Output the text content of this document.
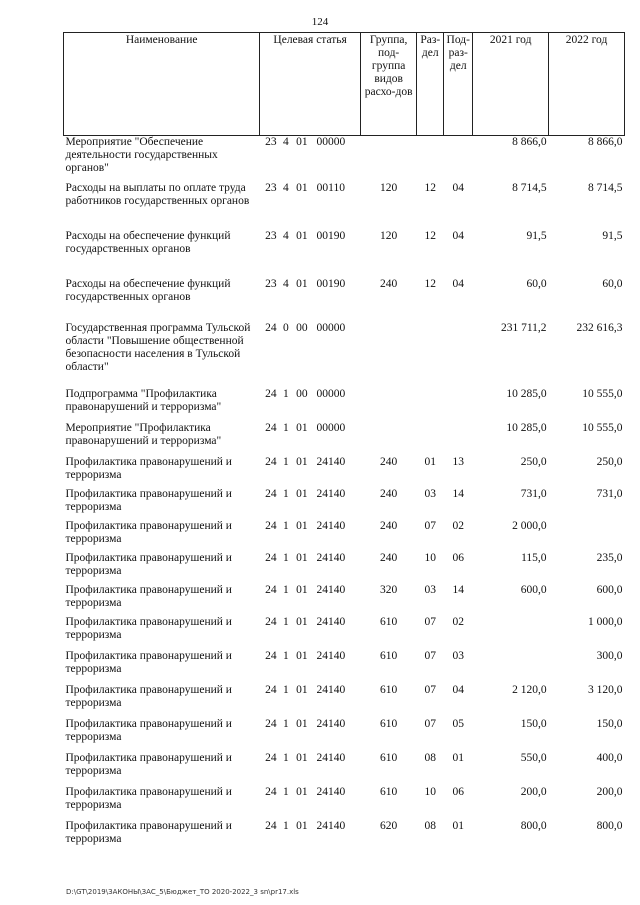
124
Наименование	Целевая статья	Группа, под-группа видов расхо-дов	Раз-дел	Под-раз-дел	2021 год	2022 год
Мероприятие "Обеспечение деятельности государственных органов"	23 4 01 00000				8 866,0	8 866,0
Расходы на выплаты по оплате труда работников государственных органов	23 4 01 00110	120	12	04	8 714,5	8 714,5
Расходы на обеспечение функций государственных органов	23 4 01 00190	120	12	04	91,5	91,5
Расходы на обеспечение функций государственных органов	23 4 01 00190	240	12	04	60,0	60,0
Государственная программа Тульской области "Повышение общественной безопасности населения в Тульской области"	24 0 00 00000				231 711,2	232 616,3
Подпрограмма "Профилактика правонарушений и терроризма"	24 1 00 00000				10 285,0	10 555,0
Мероприятие "Профилактика правонарушений и терроризма"	24 1 01 00000				10 285,0	10 555,0
Профилактика правонарушений и терроризма	24 1 01 24140	240	01	13	250,0	250,0
Профилактика правонарушений и терроризма	24 1 01 24140	240	03	14	731,0	731,0
Профилактика правонарушений и терроризма	24 1 01 24140	240	07	02	2 000,0	
Профилактика правонарушений и терроризма	24 1 01 24140	240	10	06	115,0	235,0
Профилактика правонарушений и терроризма	24 1 01 24140	320	03	14	600,0	600,0
Профилактика правонарушений и терроризма	24 1 01 24140	610	07	02		1 000,0
Профилактика правонарушений и терроризма	24 1 01 24140	610	07	03		300,0
Профилактика правонарушений и терроризма	24 1 01 24140	610	07	04	2 120,0	3 120,0
Профилактика правонарушений и терроризма	24 1 01 24140	610	07	05	150,0	150,0
Профилактика правонарушений и терроризма	24 1 01 24140	610	08	01	550,0	400,0
Профилактика правонарушений и терроризма	24 1 01 24140	610	10	06	200,0	200,0
Профилактика правонарушений и терроризма	24 1 01 24140	620	08	01	800,0	800,0
D:\GT\2019\ЗАКОНЫ\ЗАС_5\Бюджет_ТО 2020-2022_3 sn\pr17.xls
